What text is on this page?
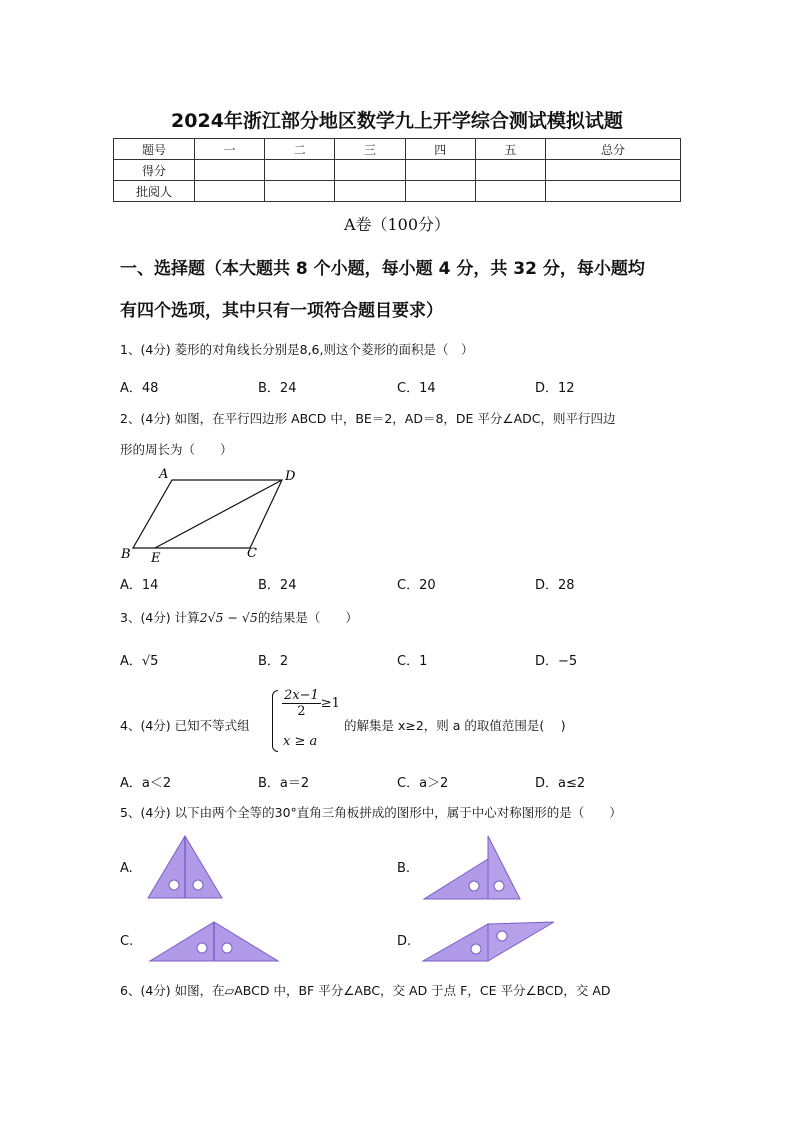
2024年浙江部分地区数学九上开学综合测试模拟试题
题号	一	二	三	四	五	总分
得分						
批阅人						
A卷（100分）
一、选择题（本大题共 8 个小题，每小题 4 分，共 32 分，每小题均
有四个选项，其中只有一项符合题目要求）
1、(4分) 菱形的对角线长分别是8,6,则这个菱形的面积是（　）
A．48	B．24	C．14	D．12
2、(4分) 如图，在平行四边形 ABCD 中，BE＝2，AD＝8，DE 平分∠ADC，则平行四边
形的周长为（　　）
A	D
B E	C
A．14	B．24	C．20	D．28
3、(4分) 计算2√5 − √5的结果是（　　）
A．√5	B．2	C．1	D．−5
4、(4分) 已知不等式组
$\frac{2x-1}{2} \ge 1$
x ≥ a
的解集是 x≥2，则 a 的取值范围是(　 )
A．a＜2	B．a＝2	C．a＞2	D．a≤2
5、(4分) 以下由两个全等的30°直角三角板拼成的图形中，属于中心对称图形的是（　　）
A.	B.
C.	D.
6、(4分) 如图，在▱ABCD 中，BF 平分∠ABC，交 AD 于点 F，CE 平分∠BCD，交 AD
